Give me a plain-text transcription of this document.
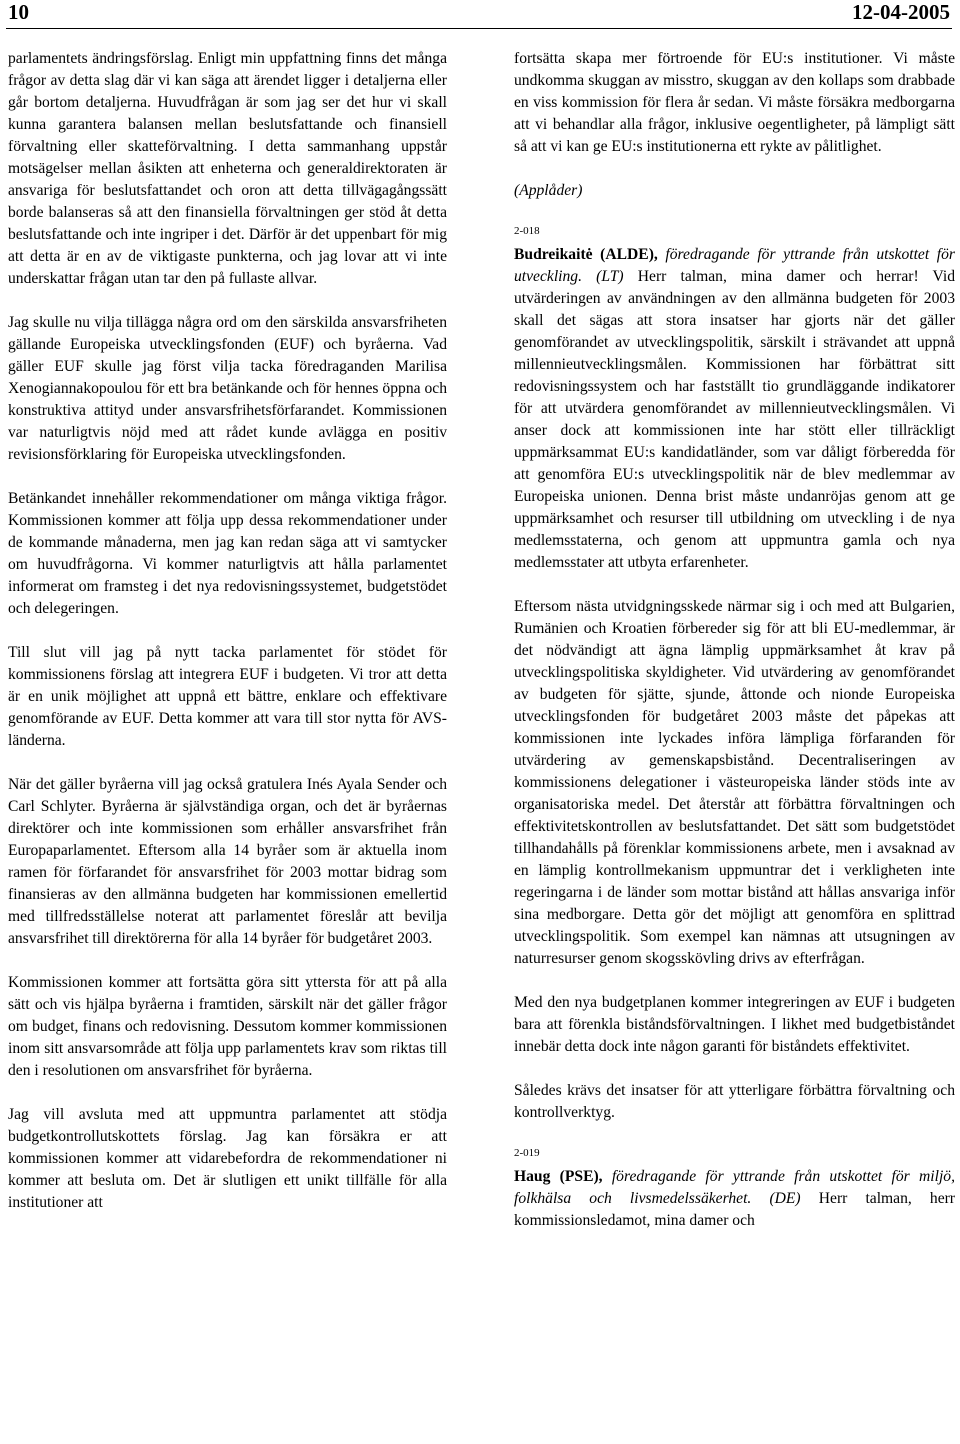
10	12-04-2005

parlamentets ändringsförslag. Enligt min uppfattning finns det många frågor av detta slag där vi kan säga att ärendet ligger i detaljerna eller går bortom detaljerna. Huvudfrågan är som jag ser det hur vi skall kunna garantera balansen mellan beslutsfattande och finansiell förvaltning eller skatteförvaltning. I detta sammanhang uppstår motsägelser mellan åsikten att enheterna och generaldirektoraten är ansvariga för beslutsfattandet och oron att detta tillvägagångssätt borde balanseras så att den finansiella förvaltningen ger stöd åt detta beslutsfattande och inte ingriper i det. Därför är det uppenbart för mig att detta är en av de viktigaste punkterna, och jag lovar att vi inte underskattar frågan utan tar den på fullaste allvar.

Jag skulle nu vilja tillägga några ord om den särskilda ansvarsfriheten gällande Europeiska utvecklingsfonden (EUF) och byråerna. Vad gäller EUF skulle jag först vilja tacka föredraganden Marilisa Xenogiannakopoulou för ett bra betänkande och för hennes öppna och konstruktiva attityd under ansvarsfrihetsförfarandet. Kommissionen var naturligtvis nöjd med att rådet kunde avlägga en positiv revisionsförklaring för Europeiska utvecklingsfonden.

Betänkandet innehåller rekommendationer om många viktiga frågor. Kommissionen kommer att följa upp dessa rekommendationer under de kommande månaderna, men jag kan redan säga att vi samtycker om huvudfrågorna. Vi kommer naturligtvis att hålla parlamentet informerat om framsteg i det nya redovisningssystemet, budgetstödet och delegeringen.

Till slut vill jag på nytt tacka parlamentet för stödet för kommissionens förslag att integrera EUF i budgeten. Vi tror att detta är en unik möjlighet att uppnå ett bättre, enklare och effektivare genomförande av EUF. Detta kommer att vara till stor nytta för AVS-länderna.

När det gäller byråerna vill jag också gratulera Inés Ayala Sender och Carl Schlyter. Byråerna är självständiga organ, och det är byråernas direktörer och inte kommissionen som erhåller ansvarsfrihet från Europaparlamentet. Eftersom alla 14 byråer som är aktuella inom ramen för förfarandet för ansvarsfrihet för 2003 mottar bidrag som finansieras av den allmänna budgeten har kommissionen emellertid med tillfredsställelse noterat att parlamentet föreslår att bevilja ansvarsfrihet till direktörerna för alla 14 byråer för budgetåret 2003.

Kommissionen kommer att fortsätta göra sitt yttersta för att på alla sätt och vis hjälpa byråerna i framtiden, särskilt när det gäller frågor om budget, finans och redovisning. Dessutom kommer kommissionen inom sitt ansvarsområde att följa upp parlamentets krav som riktas till den i resolutionen om ansvarsfrihet för byråerna.

Jag vill avsluta med att uppmuntra parlamentet att stödja budgetkontrollutskottets förslag. Jag kan försäkra er att kommissionen kommer att vidarebefordra de rekommendationer ni kommer att besluta om. Det är slutligen ett unikt tillfälle för alla institutioner att

fortsätta skapa mer förtroende för EU:s institutioner. Vi måste undkomma skuggan av misstro, skuggan av den kollaps som drabbade en viss kommission för flera år sedan. Vi måste försäkra medborgarna att vi behandlar alla frågor, inklusive oegentligheter, på lämpligt sätt så att vi kan ge EU:s institutionerna ett rykte av pålitlighet.

(Applåder)
2-018

Budreikaitė (ALDE), föredragande för yttrande från utskottet för utveckling. (LT) Herr talman, mina damer och herrar! Vid utvärderingen av användningen av den allmänna budgeten för 2003 skall det sägas att stora insatser har gjorts när det gäller genomförandet av utvecklingspolitik, särskilt i strävandet att uppnå millennieutvecklingsmålen. Kommissionen har förbättrat sitt redovisningssystem och har fastställt tio grundläggande indikatorer för att utvärdera genomförandet av millennieutvecklingsmålen. Vi anser dock att kommissionen inte har stött eller tillräckligt uppmärksammat EU:s kandidatländer, som var dåligt förberedda för att genomföra EU:s utvecklingspolitik när de blev medlemmar av Europeiska unionen. Denna brist måste undanröjas genom att ge uppmärksamhet och resurser till utbildning om utveckling i de nya medlemsstaterna, och genom att uppmuntra gamla och nya medlemsstater att utbyta erfarenheter.

Eftersom nästa utvidgningsskede närmar sig i och med att Bulgarien, Rumänien och Kroatien förbereder sig för att bli EU-medlemmar, är det nödvändigt att ägna lämplig uppmärksamhet åt krav på utvecklingspolitiska skyldigheter. Vid utvärdering av genomförandet av budgeten för sjätte, sjunde, åttonde och nionde Europeiska utvecklingsfonden för budgetåret 2003 måste det påpekas att kommissionen inte lyckades införa lämpliga förfaranden för utvärdering av gemenskapsbistånd. Decentraliseringen av kommissionens delegationer i västeuropeiska länder stöds inte av organisatoriska medel. Det återstår att förbättra förvaltningen och effektivitetskontrollen av beslutsfattandet. Det sätt som budgetstödet tillhandahålls på förenklar kommissionens arbete, men i avsaknad av en lämplig kontrollmekanism uppmuntrar det i verkligheten inte regeringarna i de länder som mottar bistånd att hållas ansvariga inför sina medborgare. Detta gör det möjligt att genomföra en splittrad utvecklingspolitik. Som exempel kan nämnas att utsugningen av naturresurser genom skogsskövling drivs av efterfrågan.

Med den nya budgetplanen kommer integreringen av EUF i budgeten bara att förenkla biståndsförvaltningen. I likhet med budgetbiståndet innebär detta dock inte någon garanti för biståndets effektivitet.

Således krävs det insatser för att ytterligare förbättra förvaltning och kontrollverktyg.

2-019

Haug (PSE), föredragande för yttrande från utskottet för miljö, folkhälsa och livsmedelssäkerhet. (DE) Herr talman, herr kommissionsledamot, mina damer och
